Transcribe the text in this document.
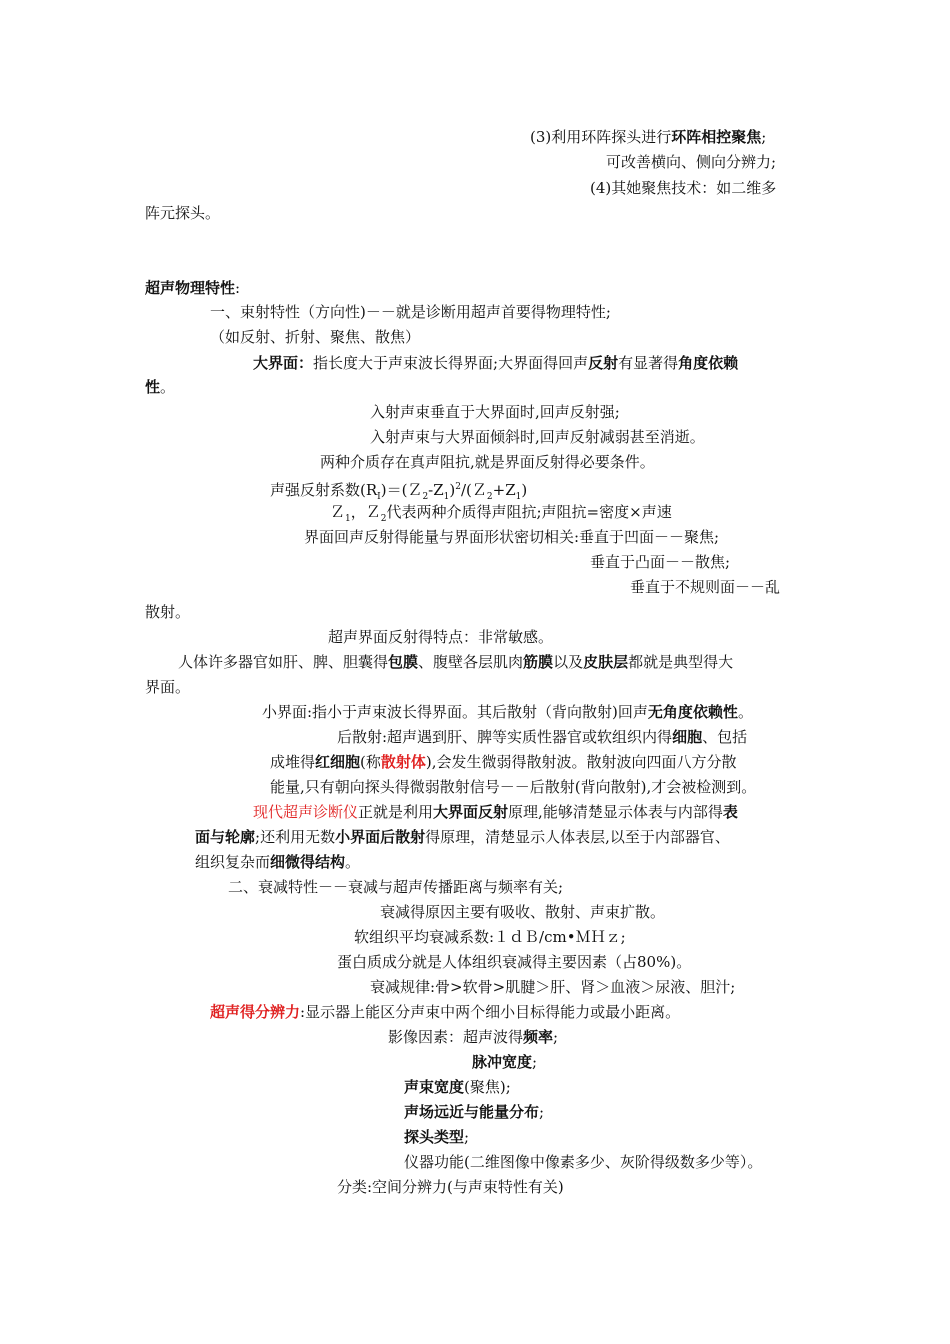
(3)利用环阵探头进行环阵相控聚焦;
可改善横向、侧向分辨力;
(4)其她聚焦技术：如二维多
阵元探头。
超声物理特性:
一、束射特性（方向性)－－就是诊断用超声首要得物理特性;
（如反射、折射、聚焦、散焦）
大界面：指长度大于声束波长得界面;大界面得回声反射有显著得角度依赖
性。
入射声束垂直于大界面时,回声反射强;
入射声束与大界面倾斜时,回声反射减弱甚至消逝。
两种介质存在真声阻抗,就是界面反射得必要条件。
声强反射系数$(R_I)=(Z_2-Z_1)^2/(Z_2+Z_1)$
Ｚ$_1$，Ｚ$_2$代表两种介质得声阻抗;声阻抗=密度×声速
界面回声反射得能量与界面形状密切相关:垂直于凹面－－聚焦;
垂直于凸面－－散焦;
垂直于不规则面－－乱
散射。
超声界面反射得特点：非常敏感。
人体许多器官如肝、脾、胆囊得包膜、腹壁各层肌肉筋膜以及皮肤层都就是典型得大
界面。
小界面:指小于声束波长得界面。其后散射（背向散射)回声无角度依赖性。
后散射:超声遇到肝、脾等实质性器官或软组织内得细胞、包括
成堆得红细胞(称散射体),会发生微弱得散射波。散射波向四面八方分散
能量,只有朝向探头得微弱散射信号－－后散射(背向散射),才会被检测到。
现代超声诊断仪正就是利用大界面反射原理,能够清楚显示体表与内部得表
面与轮廓;还利用无数小界面后散射得原理，清楚显示人体表层,以至于内部器官、
组织复杂而细微得结构。
二、衰减特性－－衰减与超声传播距离与频率有关;
衰减得原因主要有吸收、散射、声束扩散。
软组织平均衰减系数:１ｄＢ/cm•ＭＨｚ;
蛋白质成分就是人体组织衰减得主要因素（占80%)。
衰减规律:骨>软骨>肌腱＞肝、肾＞血液＞尿液、胆汁;
超声得分辨力:显示器上能区分声束中两个细小目标得能力或最小距离。
影像因素：超声波得频率;
脉冲宽度;
声束宽度(聚焦);
声场远近与能量分布;
探头类型;
仪器功能(二维图像中像素多少、灰阶得级数多少等）。
分类:空间分辨力(与声束特性有关)
